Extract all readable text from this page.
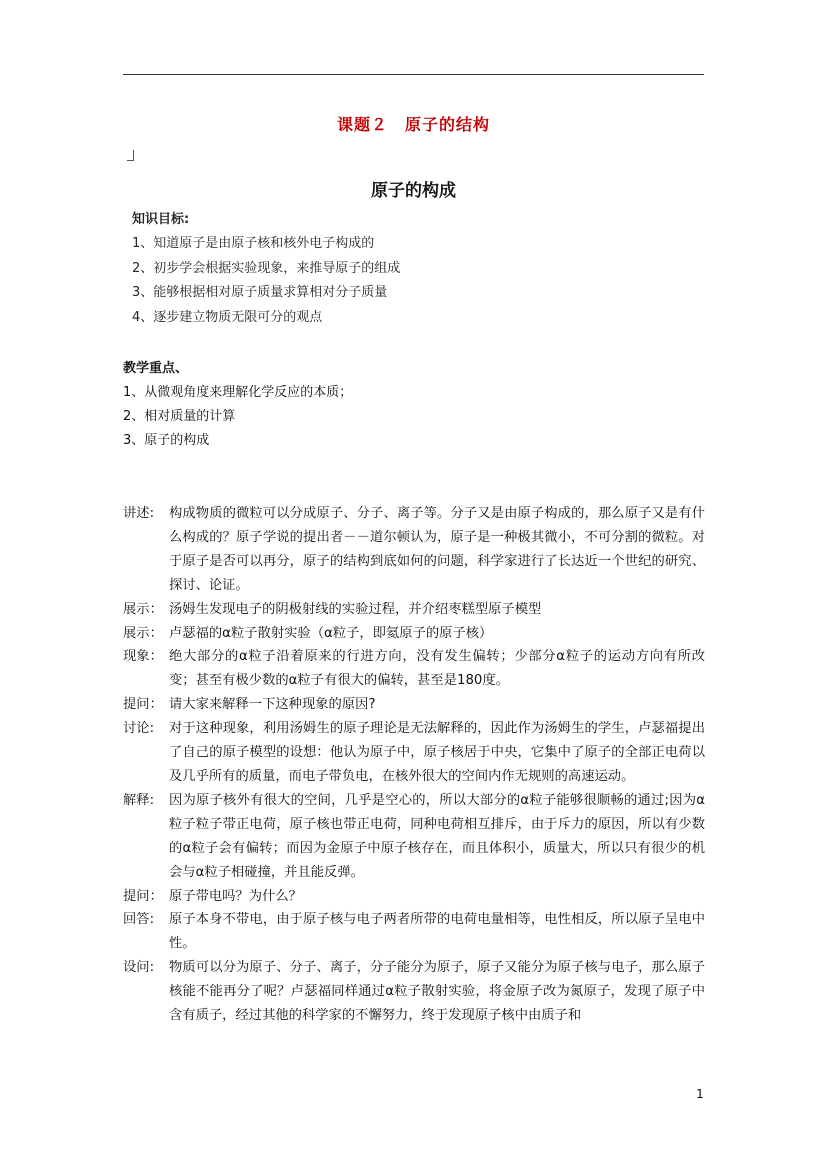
课题２　原子的结构
原子的构成
知识目标:
1、知道原子是由原子核和核外电子构成的
2、初步学会根据实验现象，来推导原子的组成
3、能够根据相对原子质量求算相对分子质量
4、逐步建立物质无限可分的观点
教学重点、
1、从微观角度来理解化学反应的本质；
2、相对质量的计算
3、原子的构成
讲述:	构成物质的微粒可以分成原子、分子、离子等。分子又是由原子构成的，那么原子又是有什么构成的？原子学说的提出者－－道尔顿认为，原子是一种极其微小，不可分割的微粒。对于原子是否可以再分，原子的结构到底如何的问题，科学家进行了长达近一个世纪的研究、探讨、论证。
展示： 汤姆生发现电子的阴极射线的实验过程，并介绍枣糕型原子模型
展示： 卢瑟福的α粒子散射实验（α粒子，即氦原子的原子核）
现象： 绝大部分的α粒子沿着原来的行进方向，没有发生偏转；少部分α粒子的运动方向有所改变；甚至有极少数的α粒子有很大的偏转，甚至是180度。
提问： 请大家来解释一下这种现象的原因?
讨论:	对于这种现象，利用汤姆生的原子理论是无法解释的，因此作为汤姆生的学生，卢瑟福提出了自己的原子模型的设想：他认为原子中，原子核居于中央，它集中了原子的全部正电荷以及几乎所有的质量，而电子带负电，在核外很大的空间内作无规则的高速运动。
解释:	因为原子核外有很大的空间，几乎是空心的，所以大部分的α粒子能够很顺畅的通过;因为α粒子粒子带正电荷，原子核也带正电荷，同种电荷相互排斥，由于斥力的原因，所以有少数的α粒子会有偏转；而因为金原子中原子核存在，而且体积小，质量大，所以只有很少的机会与α粒子相碰撞，并且能反弹。
提问： 原子带电吗？为什么？
回答:	原子本身不带电，由于原子核与电子两者所带的电荷电量相等，电性相反，所以原子呈电中性。
设问:	物质可以分为原子、分子、离子，分子能分为原子，原子又能分为原子核与电子，那么原子核能不能再分了呢？卢瑟福同样通过α粒子散射实验，将金原子改为氮原子，发现了原子中含有质子，经过其他的科学家的不懈努力，终于发现原子核中由质子和
1
